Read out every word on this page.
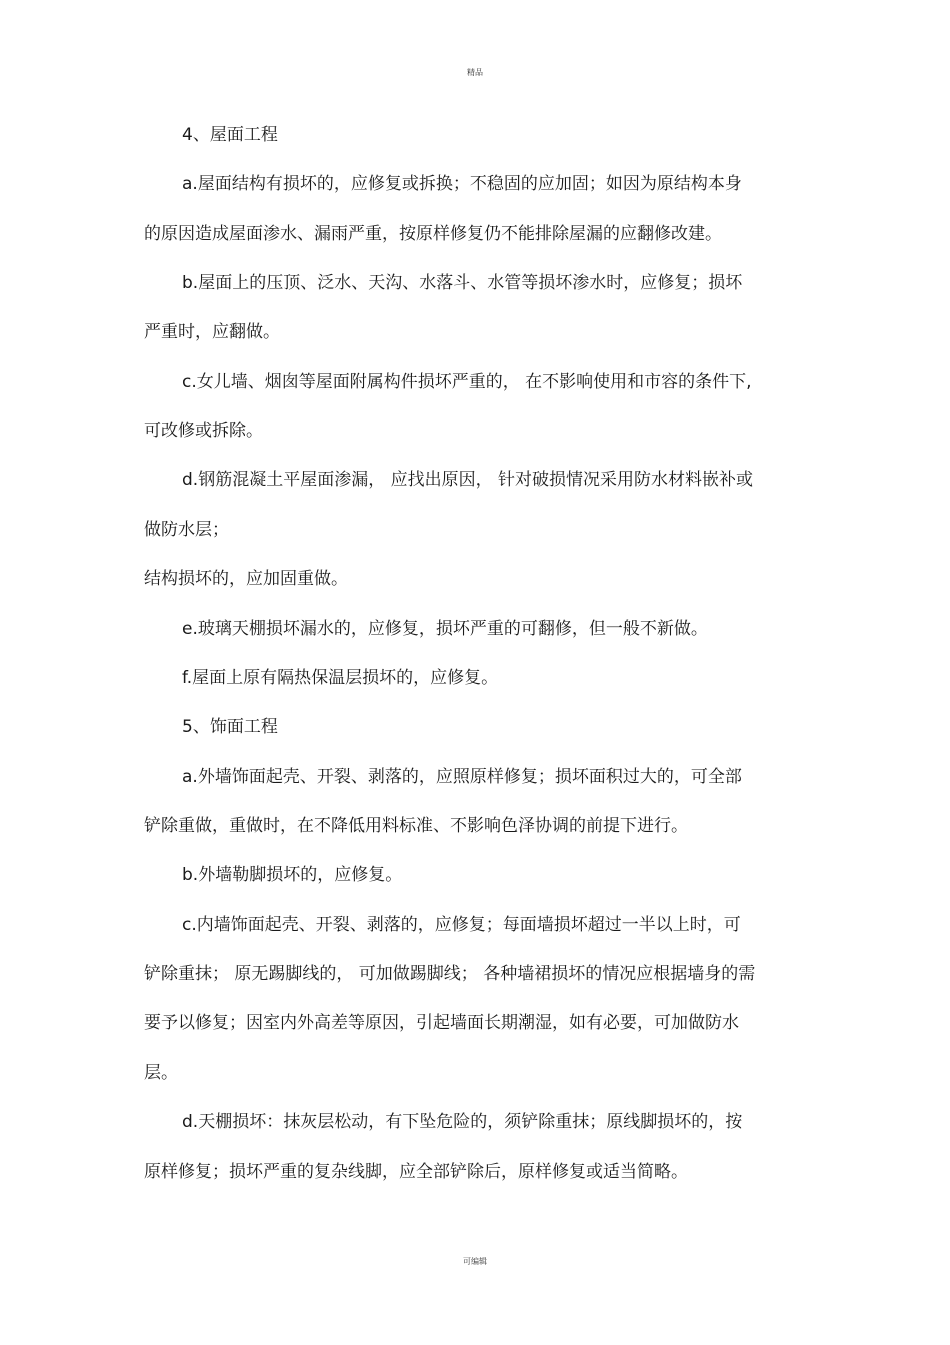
精品
4、屋面工程
a.屋面结构有损坏的，应修复或拆换；不稳固的应加固；如因为原结构本身
的原因造成屋面渗水、漏雨严重，按原样修复仍不能排除屋漏的应翻修改建。
b.屋面上的压顶、泛水、天沟、水落斗、水管等损坏渗水时，应修复；损坏
严重时，应翻做。
c.女儿墙、烟囱等屋面附属构件损坏严重的， 在不影响使用和市容的条件下,
可改修或拆除。
d.钢筋混凝土平屋面渗漏， 应找出原因， 针对破损情况采用防水材料嵌补或
做防水层；
结构损坏的，应加固重做。
e.玻璃天棚损坏漏水的，应修复，损坏严重的可翻修，但一般不新做。
f.屋面上原有隔热保温层损坏的，应修复。
5、饰面工程
a.外墙饰面起壳、开裂、剥落的，应照原样修复；损坏面积过大的，可全部
铲除重做，重做时，在不降低用料标准、不影响色泽协调的前提下进行。
b.外墙勒脚损坏的，应修复。
c.内墙饰面起壳、开裂、剥落的，应修复；每面墙损坏超过一半以上时，可
铲除重抹； 原无踢脚线的， 可加做踢脚线； 各种墙裙损坏的情况应根据墙身的需
要予以修复；因室内外高差等原因，引起墙面长期潮湿，如有必要，可加做防水
层。
d.天棚损坏：抹灰层松动，有下坠危险的，须铲除重抹；原线脚损坏的，按
原样修复；损坏严重的复杂线脚，应全部铲除后，原样修复或适当简略。
可编辑
